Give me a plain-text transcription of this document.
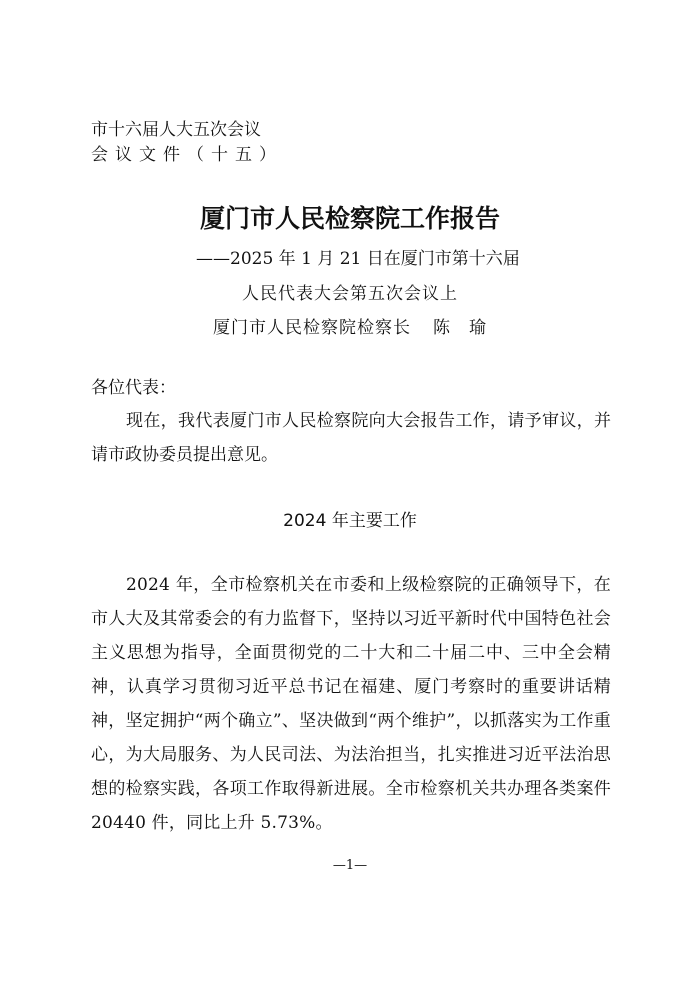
市十六届人大五次会议
会议文件（十五）
厦门市人民检察院工作报告
——2025 年 1 月 21 日在厦门市第十六届
人民代表大会第五次会议上
厦门市人民检察院检察长 陈 瑜
各位代表：
现在，我代表厦门市人民检察院向大会报告工作，请予审议，并请市政协委员提出意见。
2024 年主要工作
2024 年，全市检察机关在市委和上级检察院的正确领导下，在市人大及其常委会的有力监督下，坚持以习近平新时代中国特色社会主义思想为指导，全面贯彻党的二十大和二十届二中、三中全会精神，认真学习贯彻习近平总书记在福建、厦门考察时的重要讲话精神，坚定拥护“两个确立”、坚决做到“两个维护”，以抓落实为工作重心，为大局服务、为人民司法、为法治担当，扎实推进习近平法治思想的检察实践，各项工作取得新进展。全市检察机关共办理各类案件 20440 件，同比上升 5.73%。
—1—
